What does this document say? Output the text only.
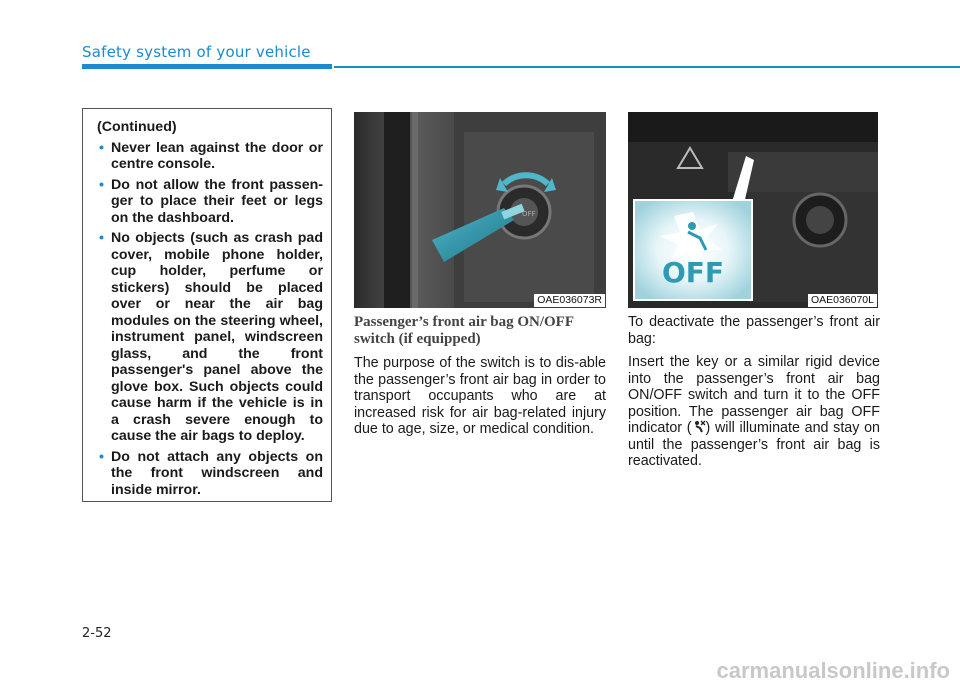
Safety system of your vehicle
(Continued)
• Never lean against the door or centre console.
• Do not allow the front passen-ger to place their feet or legs on the dashboard.
• No objects (such as crash pad cover, mobile phone holder, cup holder, perfume or stickers) should be placed over or near the air bag modules on the steering wheel, instrument panel, windscreen glass, and the front passenger's panel above the glove box. Such objects could cause harm if the vehicle is in a crash severe enough to cause the air bags to deploy.
• Do not attach any objects on the front windscreen and inside mirror.
OFF
OAE036073R
OFF
OAE036070L
Passenger’s front air bag ON/OFF switch (if equipped)

The purpose of the switch is to dis-able the passenger’s front air bag in order to transport occupants who are at increased risk for air bag-related injury due to age, size, or medical condition.

To deactivate the passenger’s front air bag:

Insert the key or a similar rigid device into the passenger’s front air bag ON/OFF switch and turn it to the OFF position. The passenger air bag OFF indicator ( ) will illuminate and stay on until the passenger’s front air bag is reactivated.

2-52
carmanualsonline.info
